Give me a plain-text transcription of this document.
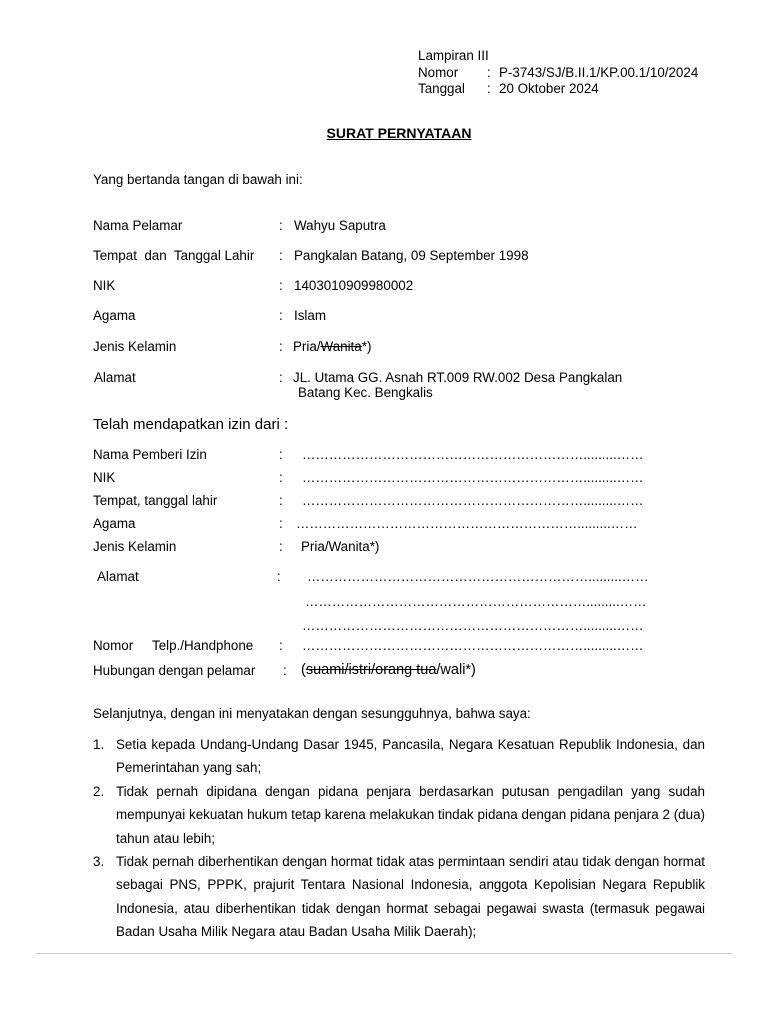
Lampiran III
Nomor : P-3743/SJ/B.II.1/KP.00.1/10/2024
Tanggal : 20 Oktober 2024
SURAT PERNYATAAN
Yang bertanda tangan di bawah ini:
Nama Pelamar	: Wahyu Saputra
Tempat  dan  Tanggal Lahir : Pangkalan Batang, 09 September 1998
NIK	: 1403010909980002
Agama	: Islam
Jenis Kelamin	: Pria/Wanita*)
Alamat	: JL. Utama GG. Asnah RT.009 RW.002 Desa Pangkalan
Batang Kec. Bengkalis
Telah mendapatkan izin dari :
Nama Pemberi Izin	: ……………………………………………………….........……
NIK	: ……………………………………………………….........……
Tempat, tanggal lahir	: ……………………………………………………….........……
Agama	: ……………………………………………………….........……
Jenis Kelamin	: Pria/Wanita*)
Alamat	: ……………………………………………………….........……
……………………………………………………….........……
……………………………………………………….........……
Nomor Telp./Handphone : ……………………………………………………….........……
Hubungan dengan pelamar : (suami/istri/orang tua/wali*)
Selanjutnya, dengan ini menyatakan dengan sesungguhnya, bahwa saya:
1. Setia kepada Undang-Undang Dasar 1945, Pancasila, Negara Kesatuan Republik Indonesia, dan Pemerintahan yang sah;
2. Tidak pernah dipidana dengan pidana penjara berdasarkan putusan pengadilan yang sudah mempunyai kekuatan hukum tetap karena melakukan tindak pidana dengan pidana penjara 2 (dua) tahun atau lebih;
3. Tidak pernah diberhentikan dengan hormat tidak atas permintaan sendiri atau tidak dengan hormat sebagai PNS, PPPK, prajurit Tentara Nasional Indonesia, anggota Kepolisian Negara Republik Indonesia, atau diberhentikan tidak dengan hormat sebagai pegawai swasta (termasuk pegawai Badan Usaha Milik Negara atau Badan Usaha Milik Daerah);
